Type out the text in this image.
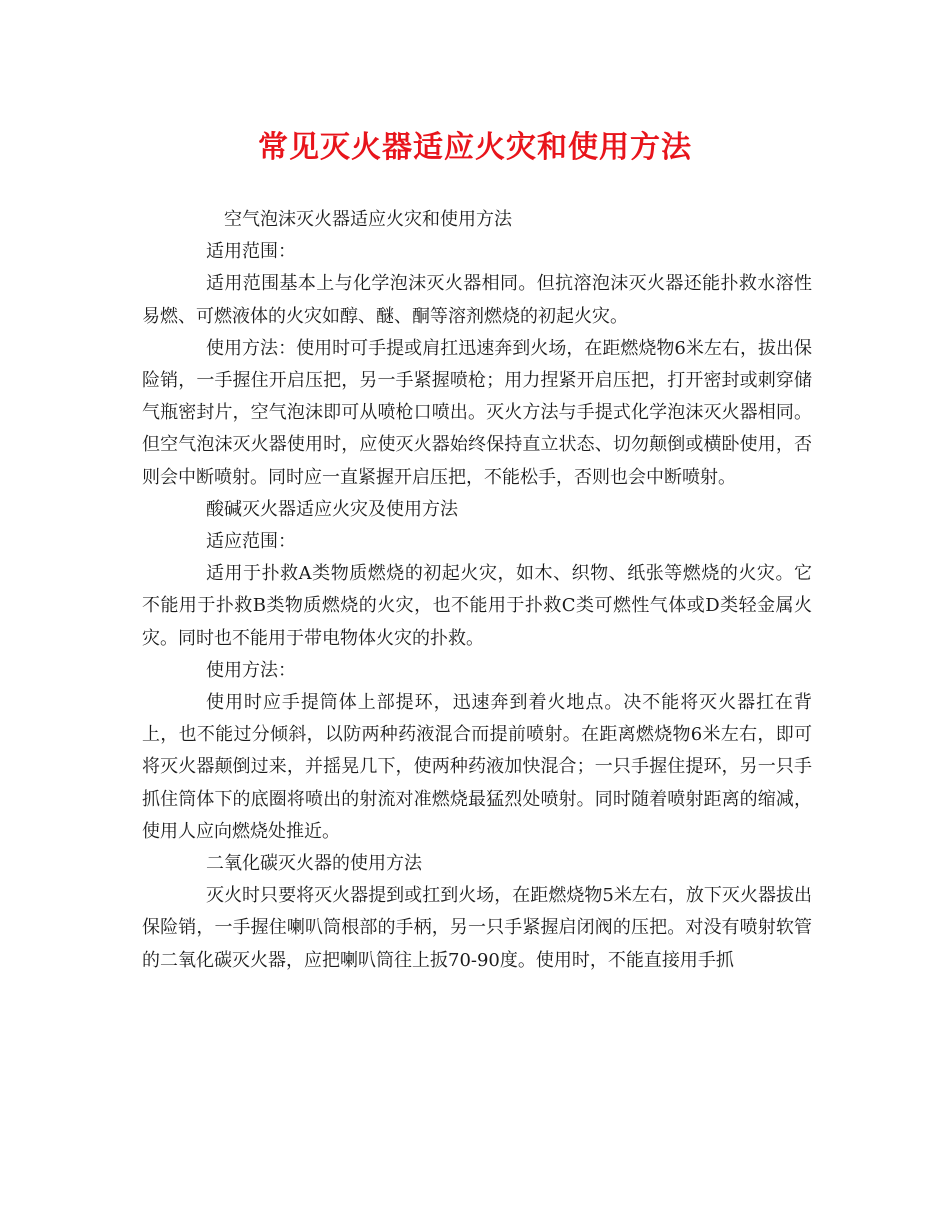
常见灭火器适应火灾和使用方法

空气泡沫灭火器适应火灾和使用方法

适用范围：

适用范围基本上与化学泡沫灭火器相同。但抗溶泡沫灭火器还能扑救水溶性易燃、可燃液体的火灾如醇、醚、酮等溶剂燃烧的初起火灾。

使用方法：使用时可手提或肩扛迅速奔到火场，在距燃烧物6米左右，拔出保险销，一手握住开启压把，另一手紧握喷枪；用力捏紧开启压把，打开密封或刺穿储气瓶密封片，空气泡沫即可从喷枪口喷出。灭火方法与手提式化学泡沫灭火器相同。但空气泡沫灭火器使用时，应使灭火器始终保持直立状态、切勿颠倒或横卧使用，否则会中断喷射。同时应一直紧握开启压把，不能松手，否则也会中断喷射。

酸碱灭火器适应火灾及使用方法

适应范围：

适用于扑救A类物质燃烧的初起火灾，如木、织物、纸张等燃烧的火灾。它不能用于扑救B类物质燃烧的火灾，也不能用于扑救C类可燃性气体或D类轻金属火灾。同时也不能用于带电物体火灾的扑救。

使用方法：

使用时应手提筒体上部提环，迅速奔到着火地点。决不能将灭火器扛在背上，也不能过分倾斜，以防两种药液混合而提前喷射。在距离燃烧物6米左右，即可将灭火器颠倒过来，并摇晃几下，使两种药液加快混合；一只手握住提环，另一只手抓住筒体下的底圈将喷出的射流对准燃烧最猛烈处喷射。同时随着喷射距离的缩减，使用人应向燃烧处推近。

二氧化碳灭火器的使用方法

灭火时只要将灭火器提到或扛到火场，在距燃烧物5米左右，放下灭火器拔出保险销，一手握住喇叭筒根部的手柄，另一只手紧握启闭阀的压把。对没有喷射软管的二氧化碳灭火器，应把喇叭筒往上扳70-90度。使用时，不能直接用手抓
